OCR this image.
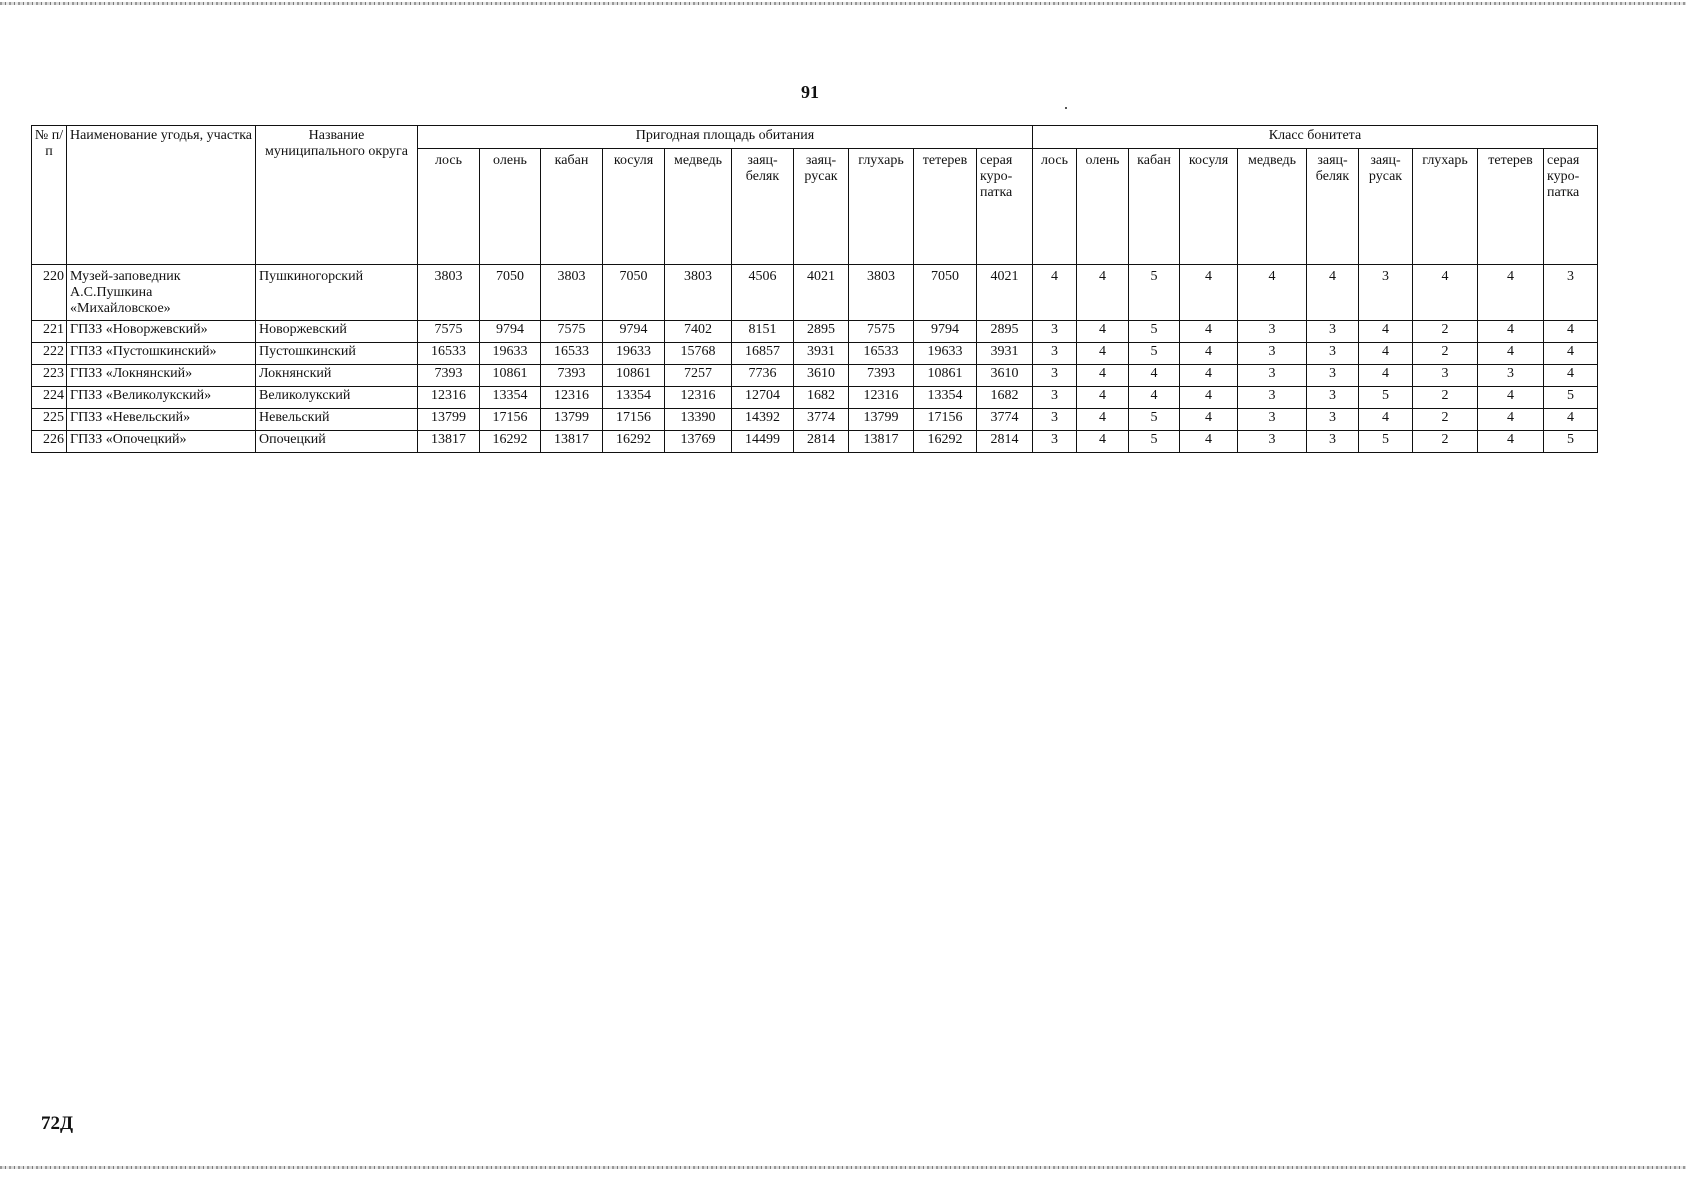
91
№ п/п	Наименование угодья, участка	Название муниципального округа	Пригодная площадь обитания										Класс бонитета									
			лось	олень	кабан	косуля	медведь	заяц-беляк	заяц-русак	глухарь	тетерев	серая куро-патка	лось	олень	кабан	косуля	медведь	заяц-беляк	заяц-русак	глухарь	тетерев	серая куро-патка
220	Музей-заповедник А.С.Пушкина «Михайловское»	Пушкиногорский	3803	7050	3803	7050	3803	4506	4021	3803	7050	4021	4	4	5	4	4	4	3	4	4	3
221	ГПЗЗ «Новоржевский»	Новоржевский	7575	9794	7575	9794	7402	8151	2895	7575	9794	2895	3	4	5	4	3	3	4	2	4	4
222	ГПЗЗ «Пустошкинский»	Пустошкинский	16533	19633	16533	19633	15768	16857	3931	16533	19633	3931	3	4	5	4	3	3	4	2	4	4
223	ГПЗЗ «Локнянский»	Локнянский	7393	10861	7393	10861	7257	7736	3610	7393	10861	3610	3	4	4	4	3	3	4	3	3	4
224	ГПЗЗ «Великолукский»	Великолукский	12316	13354	12316	13354	12316	12704	1682	12316	13354	1682	3	4	4	4	3	3	5	2	4	5
225	ГПЗЗ «Невельский»	Невельский	13799	17156	13799	17156	13390	14392	3774	13799	17156	3774	3	4	5	4	3	3	4	2	4	4
226	ГПЗЗ «Опочецкий»	Опочецкий	13817	16292	13817	16292	13769	14499	2814	13817	16292	2814	3	4	5	4	3	3	5	2	4	5
72Д
